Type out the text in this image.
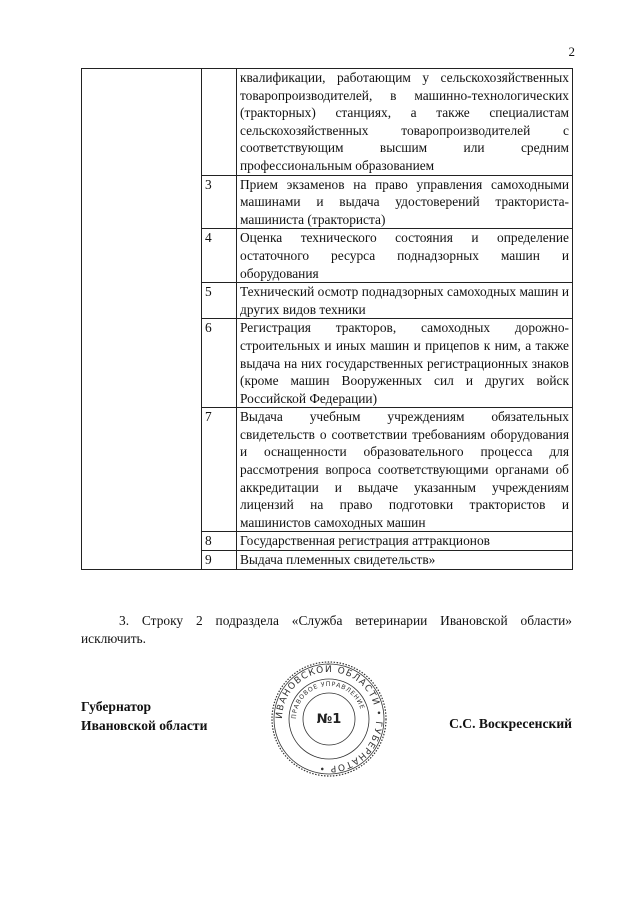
2
		квалификации, работающим у сельскохозяйственных товаропроизводителей, в машинно-технологических (тракторных) станциях, а также специалистам сельскохозяйственных товаропроизводителей с соответствующим высшим или средним профессиональным образованием
	3	Прием экзаменов на право управления самоходными машинами и выдача удостоверений тракториста-машиниста (тракториста)
	4	Оценка технического состояния и определение остаточного ресурса поднадзорных машин и оборудования
	5	Технический осмотр поднадзорных самоходных машин и других видов техники
	6	Регистрация тракторов, самоходных дорожно-строительных и иных машин и прицепов к ним, а также выдача на них государственных регистрационных знаков (кроме машин Вооруженных сил и других войск Российской Федерации)
	7	Выдача учебным учреждениям обязательных свидетельств о соответствии требованиям оборудования и оснащенности образовательного процесса для рассмотрения вопроса соответствующими органами об аккредитации и выдаче указанным учреждениям лицензий на право подготовки трактористов и машинистов самоходных машин
	8	Государственная регистрация аттракционов
	9	Выдача племенных свидетельств»
3. Строку 2 подраздела «Служба ветеринарии Ивановской области» исключить.
Губернатор
Ивановской области
ИВАНОВСКОЙ ОБЛАСТИ • ГУБЕРНАТОР •
ПРАВОВОЕ УПРАВЛЕНИЕ
№1	С.С. Воскресенский
